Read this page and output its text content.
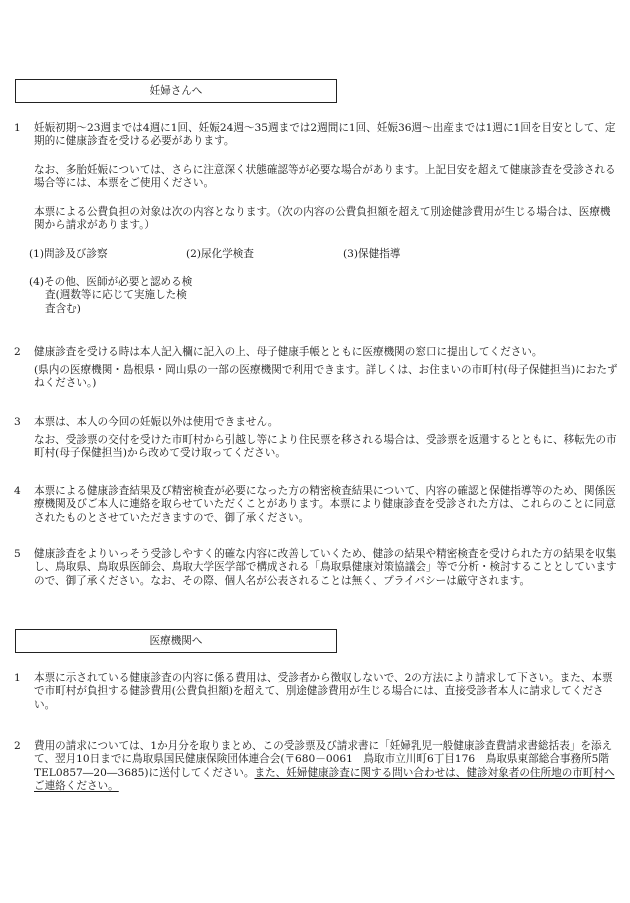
妊婦さんへ
1	妊娠初期～23週までは4週に1回、妊娠24週～35週までは2週間に1回、妊娠36週～出産までは1週に1回を目安として、定期的に健康診査を受ける必要があります。

なお、多胎妊娠については、さらに注意深く状態確認等が必要な場合があります。上記目安を超えて健康診査を受診される場合等には、本票をご使用ください。

本票による公費負担の対象は次の内容となります。（次の内容の公費負担額を超えて別途健診費用が生じる場合は、医療機関から請求があります。）

(1)問診及び診察	(2)尿化学検査	(3)保健指導
(4)その他、医師が必要と認める検査(週数等に応じて実施した検査含む)
2	健康診査を受ける時は本人記入欄に記入の上、母子健康手帳とともに医療機関の窓口に提出してください。

(県内の医療機関・島根県・岡山県の一部の医療機関で利用できます。詳しくは、お住まいの市町村(母子保健担当)におたずねください。)

3	本票は、本人の今回の妊娠以外は使用できません。

なお、受診票の交付を受けた市町村から引越し等により住民票を移される場合は、受診票を返還するとともに、移転先の市町村(母子保健担当)から改めて受け取ってください。

4	本票による健康診査結果及び精密検査が必要になった方の精密検査結果について、内容の確認と保健指導等のため、関係医療機関及びご本人に連絡を取らせていただくことがあります。本票により健康診査を受診された方は、これらのことに同意されたものとさせていただきますので、御了承ください。

5	健康診査をよりいっそう受診しやすく的確な内容に改善していくため、健診の結果や精密検査を受けられた方の結果を収集し、鳥取県、鳥取県医師会、鳥取大学医学部で構成される「鳥取県健康対策協議会」等で分析・検討することとしていますので、御了承ください。なお、その際、個人名が公表されることは無く、プライバシーは厳守されます。

医療機関へ
1	本票に示されている健康診査の内容に係る費用は、受診者から徴収しないで、2の方法により請求して下さい。また、本票で市町村が負担する健診費用(公費負担額)を超えて、別途健診費用が生じる場合には、直接受診者本人に請求してください。

2	費用の請求については、1か月分を取りまとめ、この受診票及び請求書に「妊婦乳児一般健康診査費請求書総括表」を添えて、翌月10日までに鳥取県国民健康保険団体連合会(〒680－0061　鳥取市立川町6丁目176　鳥取県東部総合事務所5階　TEL0857―20―3685)に送付してください。また、妊婦健康診査に関する問い合わせは、健診対象者の住所地の市町村へご連絡ください。
